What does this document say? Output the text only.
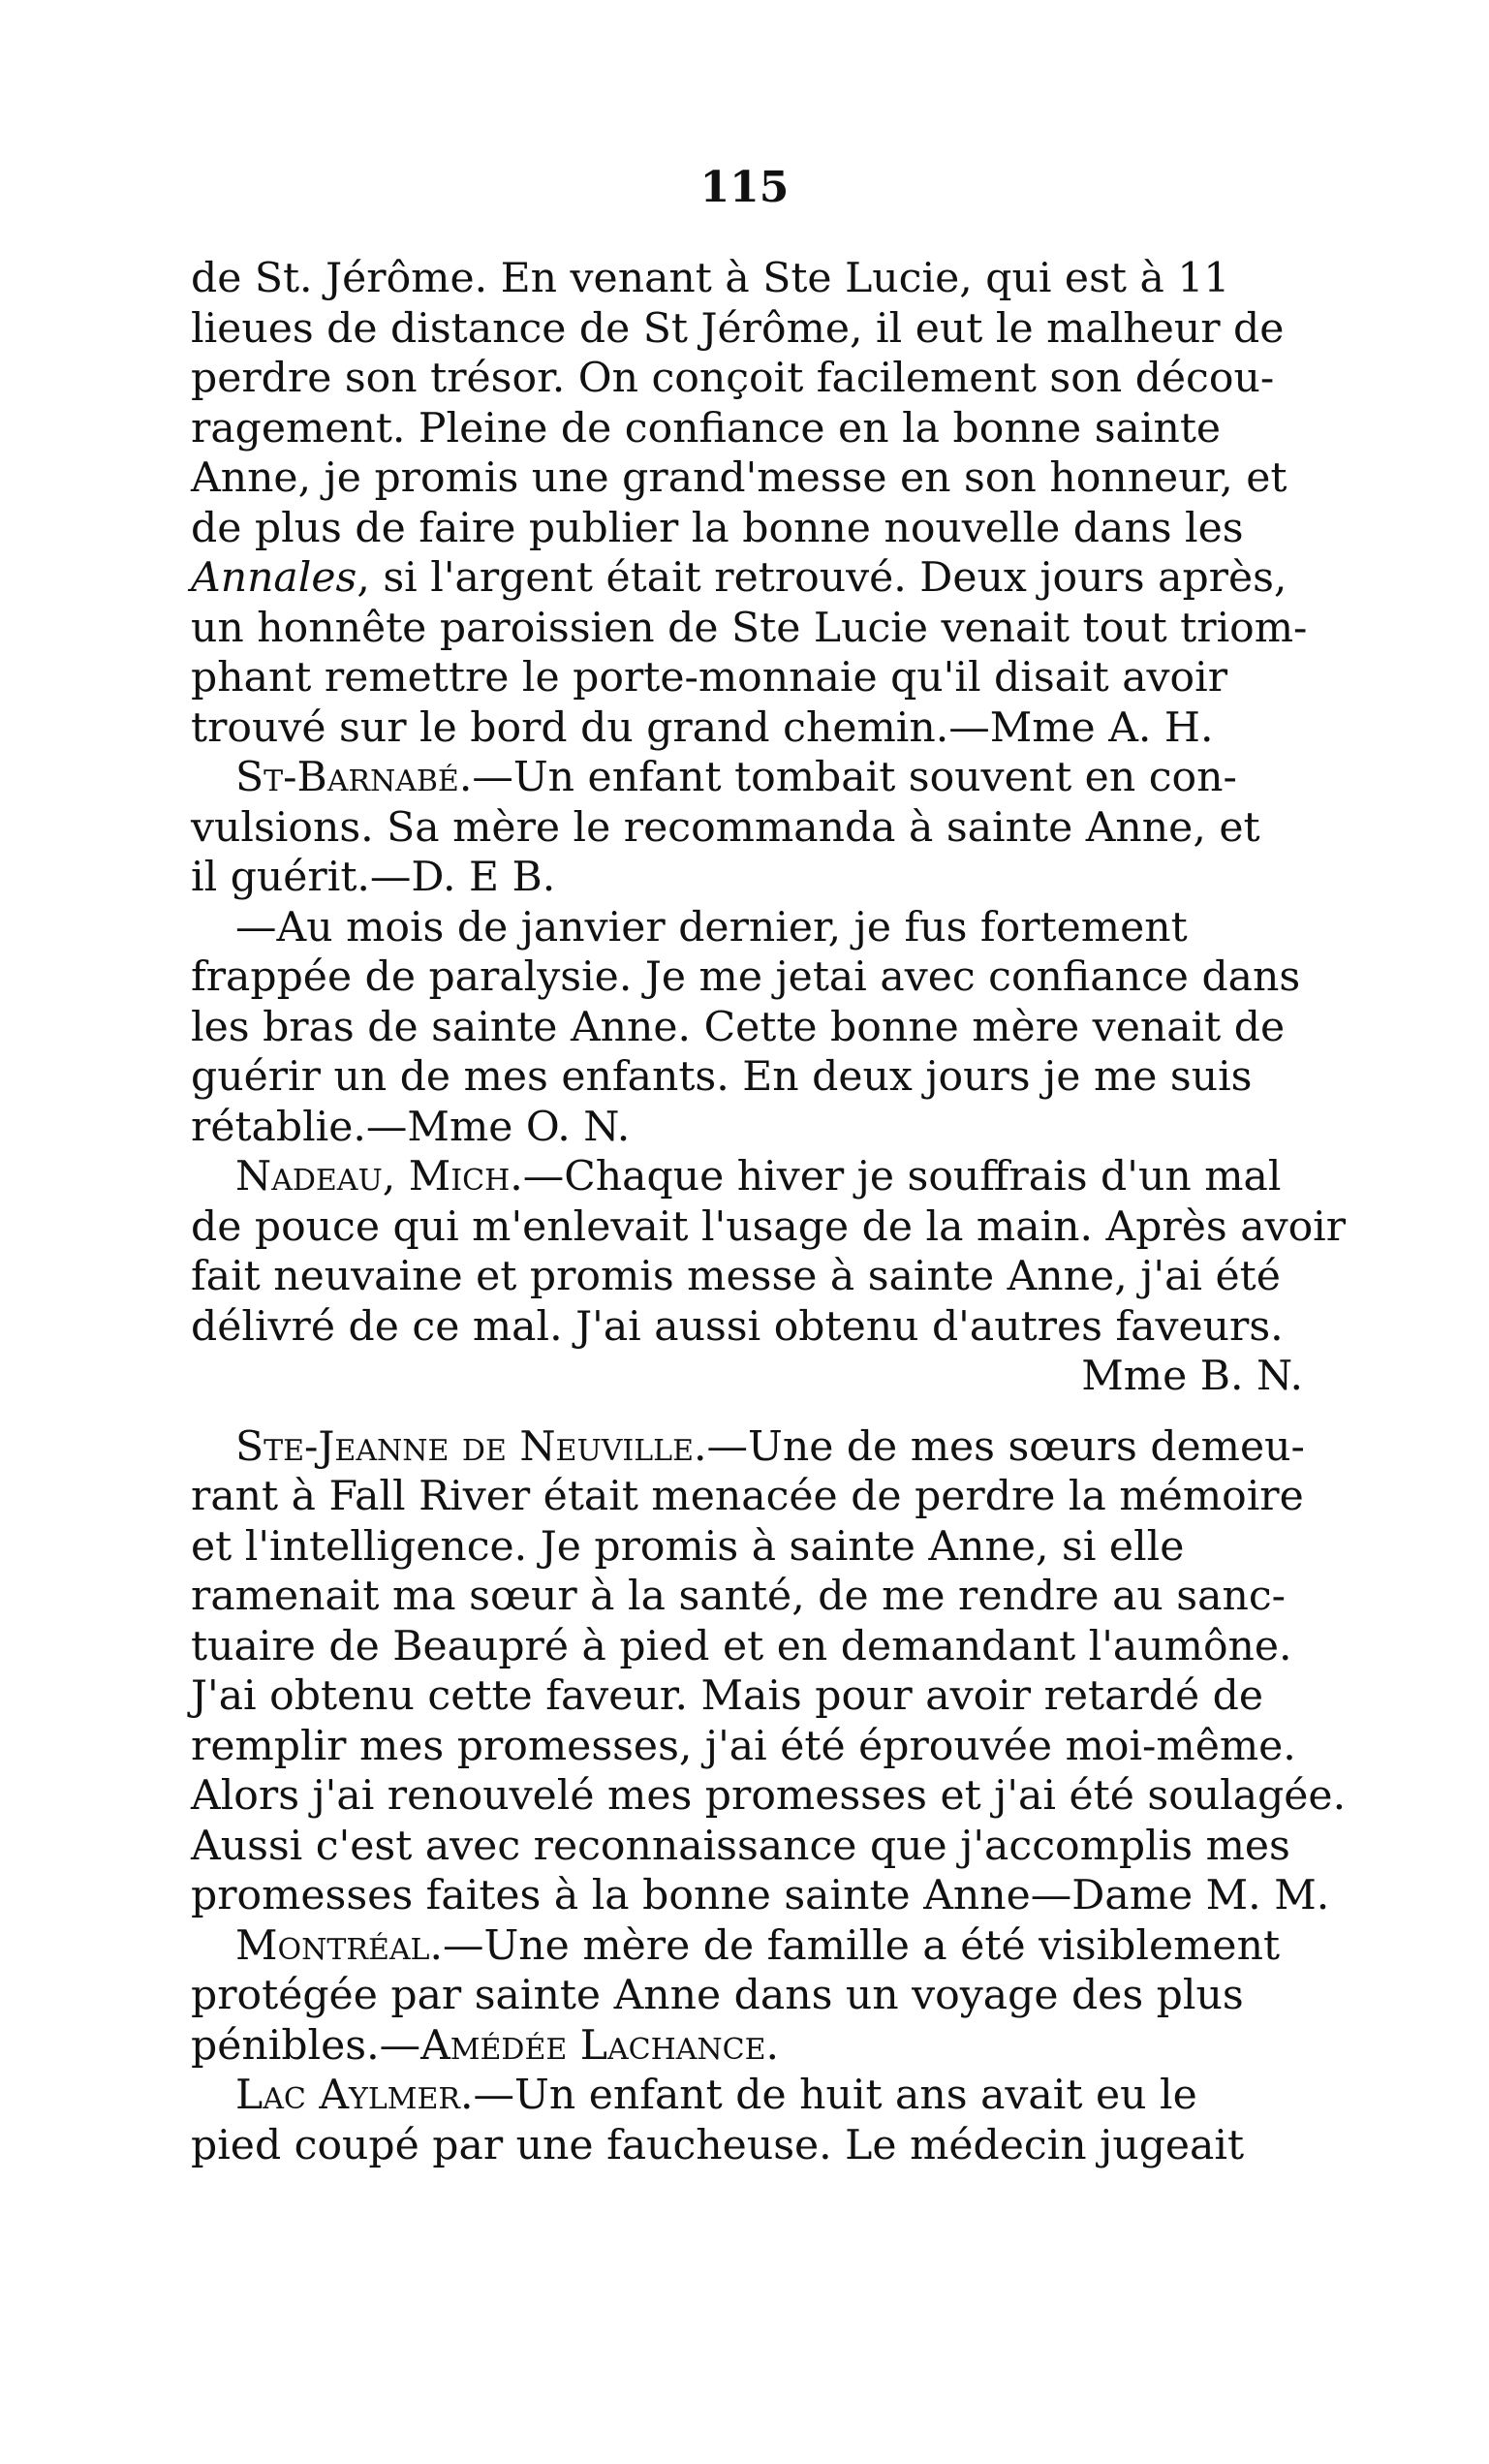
115
de St. Jérôme. En venant à Ste Lucie, qui est à 11
lieues de distance de St Jérôme, il eut le malheur de
perdre son trésor. On conçoit facilement son décou-
ragement. Pleine de confiance en la bonne sainte
Anne, je promis une grand'messe en son honneur, et
de plus de faire publier la bonne nouvelle dans les
Annales, si l'argent était retrouvé. Deux jours après,
un honnête paroissien de Ste Lucie venait tout triom-
phant remettre le porte-monnaie qu'il disait avoir
trouvé sur le bord du grand chemin.—Mme A. H.
St-Barnabé.—Un enfant tombait souvent en con-
vulsions. Sa mère le recommanda à sainte Anne, et
il guérit.—D. E B.
—Au mois de janvier dernier, je fus fortement
frappée de paralysie. Je me jetai avec confiance dans
les bras de sainte Anne. Cette bonne mère venait de
guérir un de mes enfants. En deux jours je me suis
rétablie.—Mme O. N.
Nadeau, Mich.—Chaque hiver je souffrais d'un mal
de pouce qui m'enlevait l'usage de la main. Après avoir
fait neuvaine et promis messe à sainte Anne, j'ai été
délivré de ce mal. J'ai aussi obtenu d'autres faveurs.
Mme B. N.
Ste-Jeanne de Neuville.—Une de mes sœurs demeu-
rant à Fall River était menacée de perdre la mémoire
et l'intelligence. Je promis à sainte Anne, si elle
ramenait ma sœur à la santé, de me rendre au sanc-
tuaire de Beaupré à pied et en demandant l'aumône.
J'ai obtenu cette faveur. Mais pour avoir retardé de
remplir mes promesses, j'ai été éprouvée moi-même.
Alors j'ai renouvelé mes promesses et j'ai été soulagée.
Aussi c'est avec reconnaissance que j'accomplis mes
promesses faites à la bonne sainte Anne—Dame M. M.
Montréal.—Une mère de famille a été visiblement
protégée par sainte Anne dans un voyage des plus
pénibles.—Amédée Lachance.
Lac Aylmer.—Un enfant de huit ans avait eu le
pied coupé par une faucheuse. Le médecin jugeait
